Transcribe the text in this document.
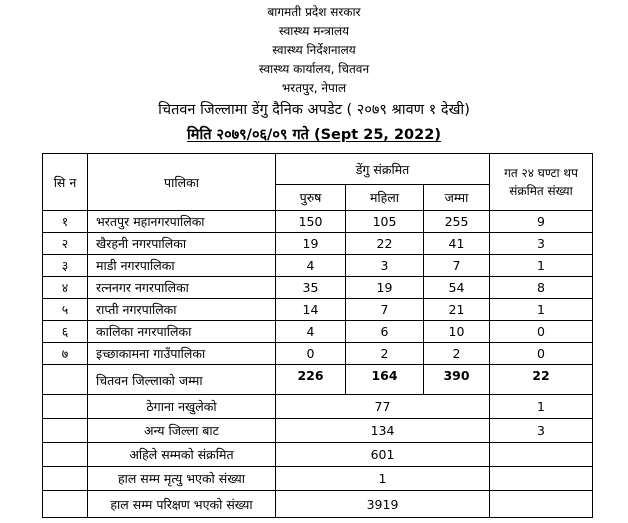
बागमती प्रदेश सरकार
स्वास्थ्य मन्त्रालय
स्वास्थ्य निर्देशनालय
स्वास्थ्य कार्यालय, चितवन
भरतपुर, नेपाल
चितवन जिल्लामा डेंगु दैनिक अपडेट ( २०७९ श्रावण १ देखी)
मिति २०७९/०६/०९ गते (Sept 25, 2022)
सि न	पालिका	डेंगु संक्रमित			गत २४ घण्टा थप संक्रमित संख्या
		पुरुष	महिला	जम्मा	
१	भरतपुर महानगरपालिका	150	105	255	9
२	खैरहनी नगरपालिका	19	22	41	3
३	माडी नगरपालिका	4	3	7	1
४	रत्ननगर नगरपालिका	35	19	54	8
५	राप्ती नगरपालिका	14	7	21	1
६	कालिका नगरपालिका	4	6	10	0
७	इच्छाकामना गाउँपालिका	0	2	2	0
	चितवन जिल्लाको जम्मा	226	164	390	22
	ठेगाना नखुलेको	77			1
	अन्य जिल्ला बाट	134			3
	अहिले सम्मको संक्रमित	601			
	हाल सम्म मृत्यु भएको संख्या	1			
	हाल सम्म परिक्षण भएको संख्या	3919			
